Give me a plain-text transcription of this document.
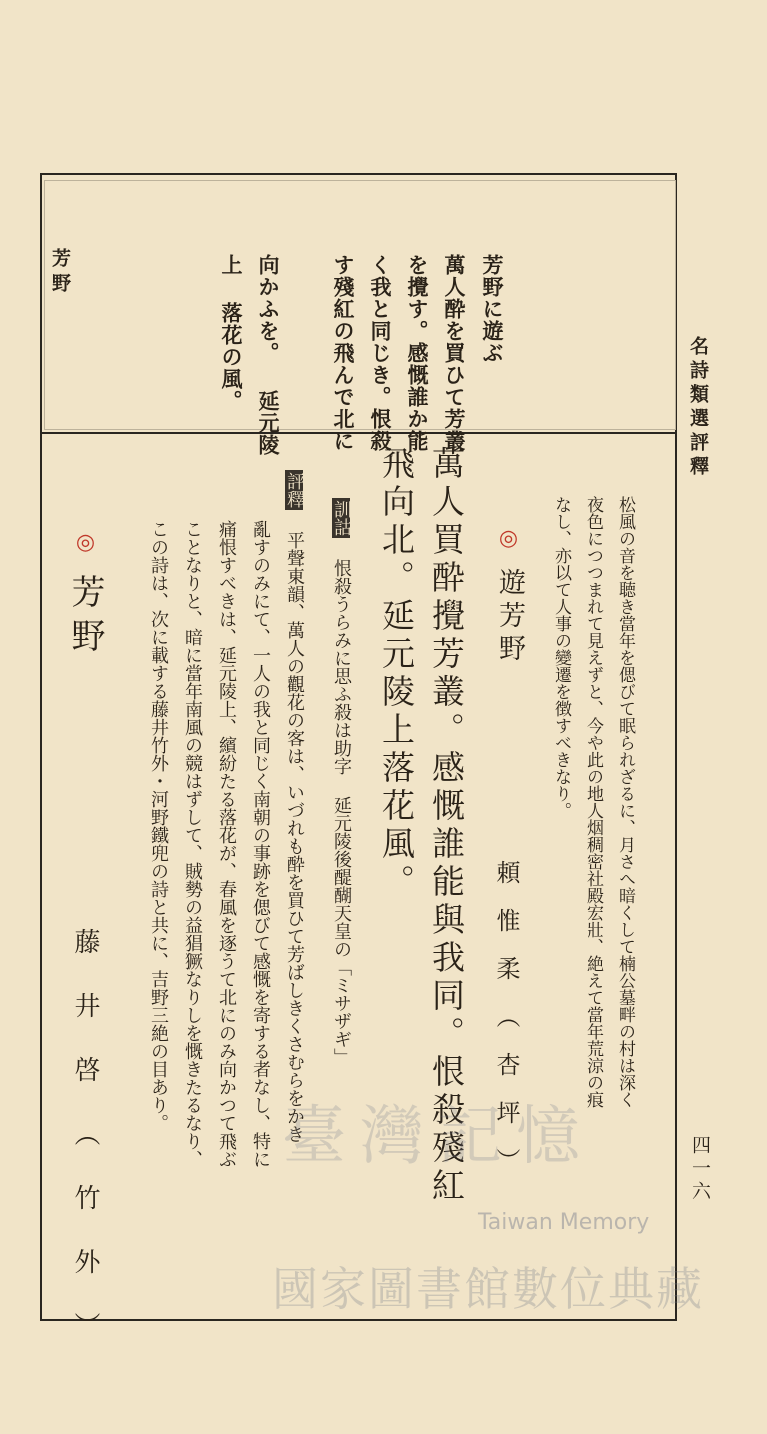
名詩類選評釋
四一六
芳野	芳野に遊ぶ
萬人酔を買ひて芳叢
を攪す。感慨誰か能
く我と同じき。恨殺
す殘紅の飛んで北に
向かふを。 延元陵
上 落花の風。
松風の音を聴き當年を偲びて眠られざるに、月さへ暗くして楠公墓畔の村は深く
夜色につつまれて見えずと、今や此の地人烟稠密社殿宏壯、絶えて當年荒涼の痕
なし、亦以て人事の變遷を徴すべきなり。
◎
遊芳野
頼惟柔（杏坪）
萬人買酔攪芳叢。感慨誰能與我同。恨殺殘紅
飛向北。延元陵上落花風。
訓詁 恨殺うらみに思ふ殺は助字 延元陵後醍醐天皇の「ミサザギ」
評釋 平聲東韻、萬人の觀花の客は、いづれも酔を買ひて芳ばしきくさむらをかき
亂すのみにて、一人の我と同じく南朝の事跡を偲びて感慨を寄する者なし、特に
痛恨すべきは、延元陵上、繽紛たる落花が、春風を逐うて北にのみ向かつて飛ぶ
ことなりと、暗に當年南風の競はずして、賊勢の益猖獗なりしを慨きたるなり、
この詩は、次に載する藤井竹外・河野鐵兜の詩と共に、吉野三絶の目あり。
◎
芳野
藤井啓（竹外）	臺灣記憶
Taiwan Memory
國家圖書館數位典藏
